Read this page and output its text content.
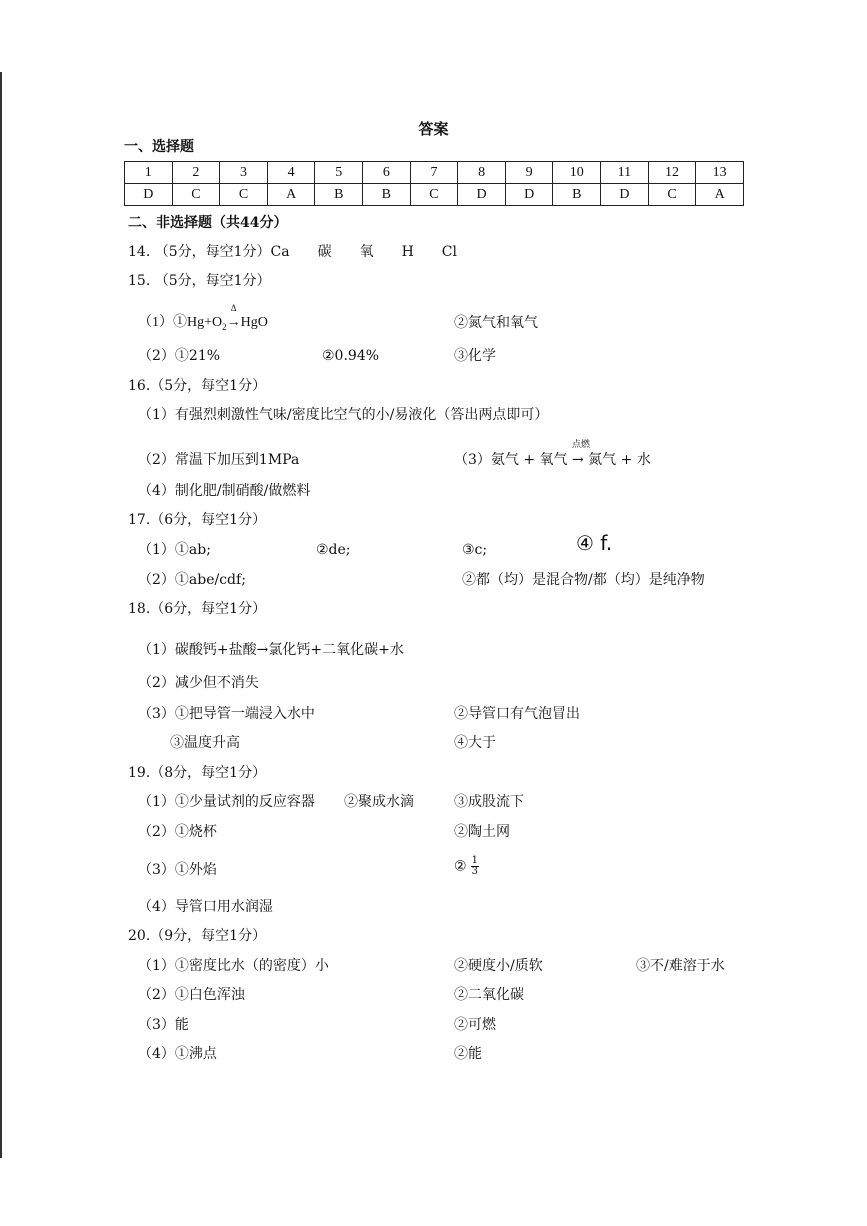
答案
一、选择题
1	2	3	4	5	6	7	8	9	10	11	12	13
D	C	C	A	B	B	C	D	D	B	D	C	A
二、非选择题（共44分）
14. （5分，每空1分）Ca　　碳　　氧　　H　　Cl
15. （5分，每空1分）
$(1)①Hg+O_2$
Δ
→HgO	②氮气和氧气
（2）①21%	②0.94%	③化学
16.（5分，每空1分）
（1）有强烈刺激性气味/密度比空气的小/易液化（答出两点即可）
（2）常温下加压到1MPa	（3）氨气 + 氧气
点燃
→ 氮气 + 水
（4）制化肥/制硝酸/做燃料
17.（6分，每空1分）
（1）①ab;	②de;	③c;	④ f.
（2）①abe/cdf;	②都（均）是混合物/都（均）是纯净物
18.（6分，每空1分）
（1）碳酸钙+盐酸→氯化钙+二氧化碳+水
（2）减少但不消失
（3）①把导管一端浸入水中	②导管口有气泡冒出
③温度升高	④大于
19.（8分，每空1分）
（1）①少量试剂的反应容器 ②聚成水滴	③成股流下
（2）①烧杯	②陶土网
（3）①外焰	② $\frac{1}{3}$
（4）导管口用水润湿
20.（9分，每空1分）
（1）①密度比水（的密度）小	②硬度小/质软	③不/难溶于水
（2）①白色浑浊	②二氧化碳
（3）能	②可燃
（4）①沸点	②能
